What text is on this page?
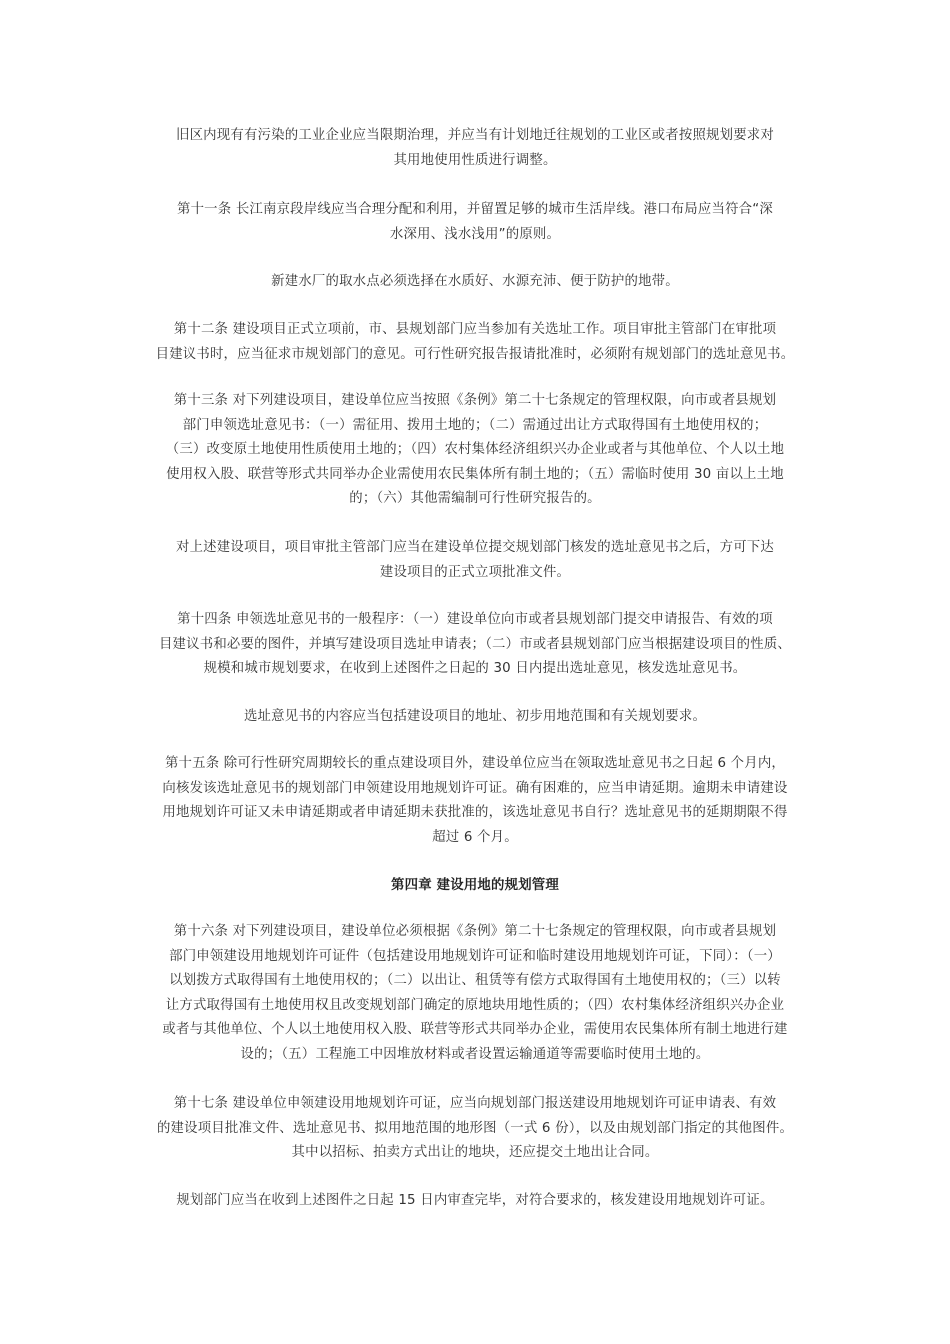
旧区内现有有污染的工业企业应当限期治理，并应当有计划地迁往规划的工业区或者按照规划要求对
其用地使用性质进行调整。
第十一条 长江南京段岸线应当合理分配和利用，并留置足够的城市生活岸线。港口布局应当符合“深
水深用、浅水浅用”的原则。
新建水厂的取水点必须选择在水质好、水源充沛、便于防护的地带。
第十二条 建设项目正式立项前，市、县规划部门应当参加有关选址工作。项目审批主管部门在审批项
目建议书时，应当征求市规划部门的意见。可行性研究报告报请批准时，必须附有规划部门的选址意见书。
第十三条 对下列建设项目，建设单位应当按照《条例》第二十七条规定的管理权限，向市或者县规划
部门申领选址意见书：（一）需征用、拨用土地的；（二）需通过出让方式取得国有土地使用权的；
（三）改变原土地使用性质使用土地的；（四）农村集体经济组织兴办企业或者与其他单位、个人以土地
使用权入股、联营等形式共同举办企业需使用农民集体所有制土地的；（五）需临时使用 30 亩以上土地
的；（六）其他需编制可行性研究报告的。
对上述建设项目，项目审批主管部门应当在建设单位提交规划部门核发的选址意见书之后，方可下达
建设项目的正式立项批准文件。
第十四条 申领选址意见书的一般程序：（一）建设单位向市或者县规划部门提交申请报告、有效的项
目建议书和必要的图件，并填写建设项目选址申请表；（二）市或者县规划部门应当根据建设项目的性质、
规模和城市规划要求，在收到上述图件之日起的 30 日内提出选址意见，核发选址意见书。
选址意见书的内容应当包括建设项目的地址、初步用地范围和有关规划要求。
第十五条 除可行性研究周期较长的重点建设项目外，建设单位应当在领取选址意见书之日起 6 个月内，
向核发该选址意见书的规划部门申领建设用地规划许可证。确有困难的，应当申请延期。逾期未申请建设
用地规划许可证又未申请延期或者申请延期未获批准的，该选址意见书自行？选址意见书的延期期限不得
超过 6 个月。
第四章 建设用地的规划管理
第十六条 对下列建设项目，建设单位必须根据《条例》第二十七条规定的管理权限，向市或者县规划
部门申领建设用地规划许可证件（包括建设用地规划许可证和临时建设用地规划许可证，下同）：（一）
以划拨方式取得国有土地使用权的；（二）以出让、租赁等有偿方式取得国有土地使用权的；（三）以转
让方式取得国有土地使用权且改变规划部门确定的原地块用地性质的；（四）农村集体经济组织兴办企业
或者与其他单位、个人以土地使用权入股、联营等形式共同举办企业，需使用农民集体所有制土地进行建
设的；（五）工程施工中因堆放材料或者设置运输通道等需要临时使用土地的。
第十七条 建设单位申领建设用地规划许可证，应当向规划部门报送建设用地规划许可证申请表、有效
的建设项目批准文件、选址意见书、拟用地范围的地形图（一式 6 份），以及由规划部门指定的其他图件。
其中以招标、拍卖方式出让的地块，还应提交土地出让合同。
规划部门应当在收到上述图件之日起 15 日内审查完毕，对符合要求的，核发建设用地规划许可证。
